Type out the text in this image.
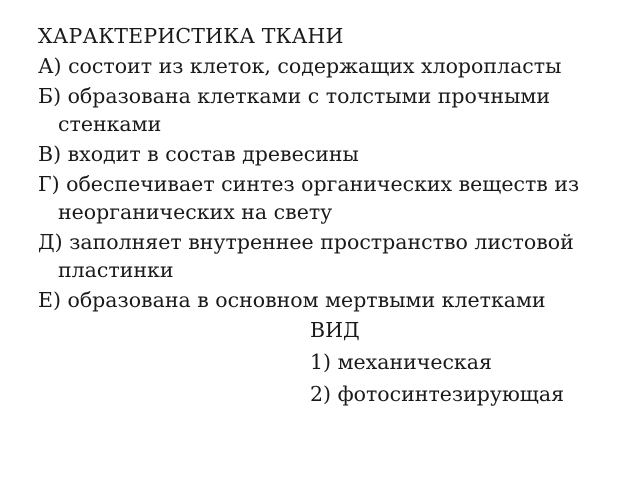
ХАРАКТЕРИСТИКА ТКАНИ
А) состоит из клеток, содержащих хлоропласты
Б) образована клетками с толстыми прочными стенками
В) входит в состав древесины
Г) обеспечивает синтез органических веществ из неорганических на свету
Д) заполняет внутреннее пространство листовой пластинки
Е) образована в основном мертвыми клетками
ВИД
1) механическая
2) фотосинтезирующая
